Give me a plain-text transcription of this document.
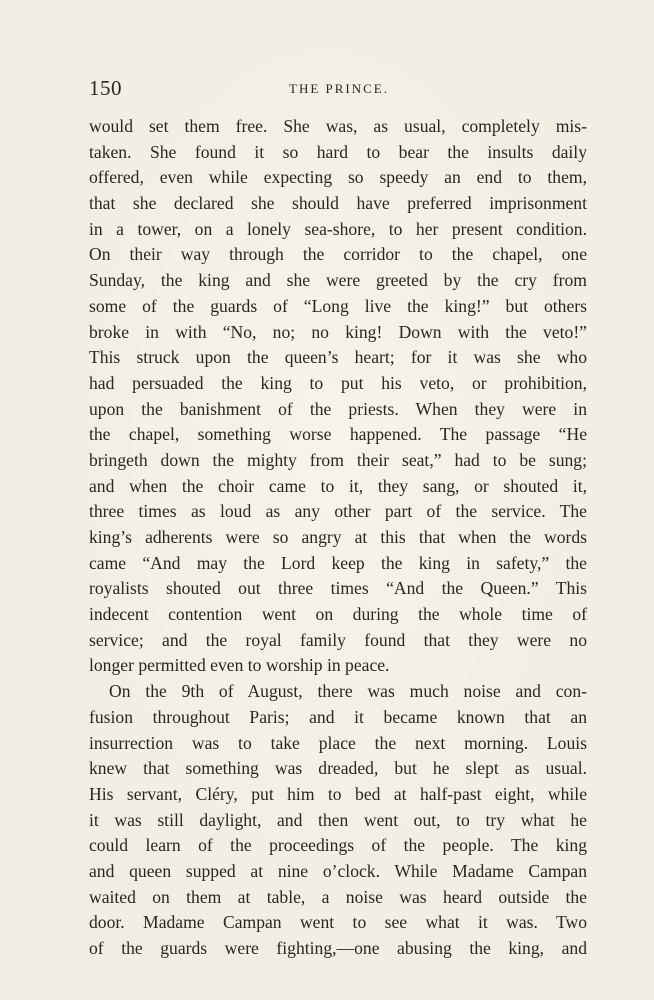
150	THE PRINCE.
would set them free. She was, as usual, completely mis-
taken. She found it so hard to bear the insults daily
offered, even while expecting so speedy an end to them,
that she declared she should have preferred imprisonment
in a tower, on a lonely sea-shore, to her present condition.
On their way through the corridor to the chapel, one
Sunday, the king and she were greeted by the cry from
some of the guards of “Long live the king!” but others
broke in with “No, no; no king! Down with the veto!”
This struck upon the queen’s heart; for it was she who
had persuaded the king to put his veto, or prohibition,
upon the banishment of the priests. When they were in
the chapel, something worse happened. The passage “He
bringeth down the mighty from their seat,” had to be sung;
and when the choir came to it, they sang, or shouted it,
three times as loud as any other part of the service. The
king’s adherents were so angry at this that when the words
came “And may the Lord keep the king in safety,” the
royalists shouted out three times “And the Queen.” This
indecent contention went on during the whole time of
service; and the royal family found that they were no
longer permitted even to worship in peace.
On the 9th of August, there was much noise and con-
fusion throughout Paris; and it became known that an
insurrection was to take place the next morning. Louis
knew that something was dreaded, but he slept as usual.
His servant, Cléry, put him to bed at half-past eight, while
it was still daylight, and then went out, to try what he
could learn of the proceedings of the people. The king
and queen supped at nine o’clock. While Madame Campan
waited on them at table, a noise was heard outside the
door. Madame Campan went to see what it was. Two
of the guards were fighting,—one abusing the king, and
